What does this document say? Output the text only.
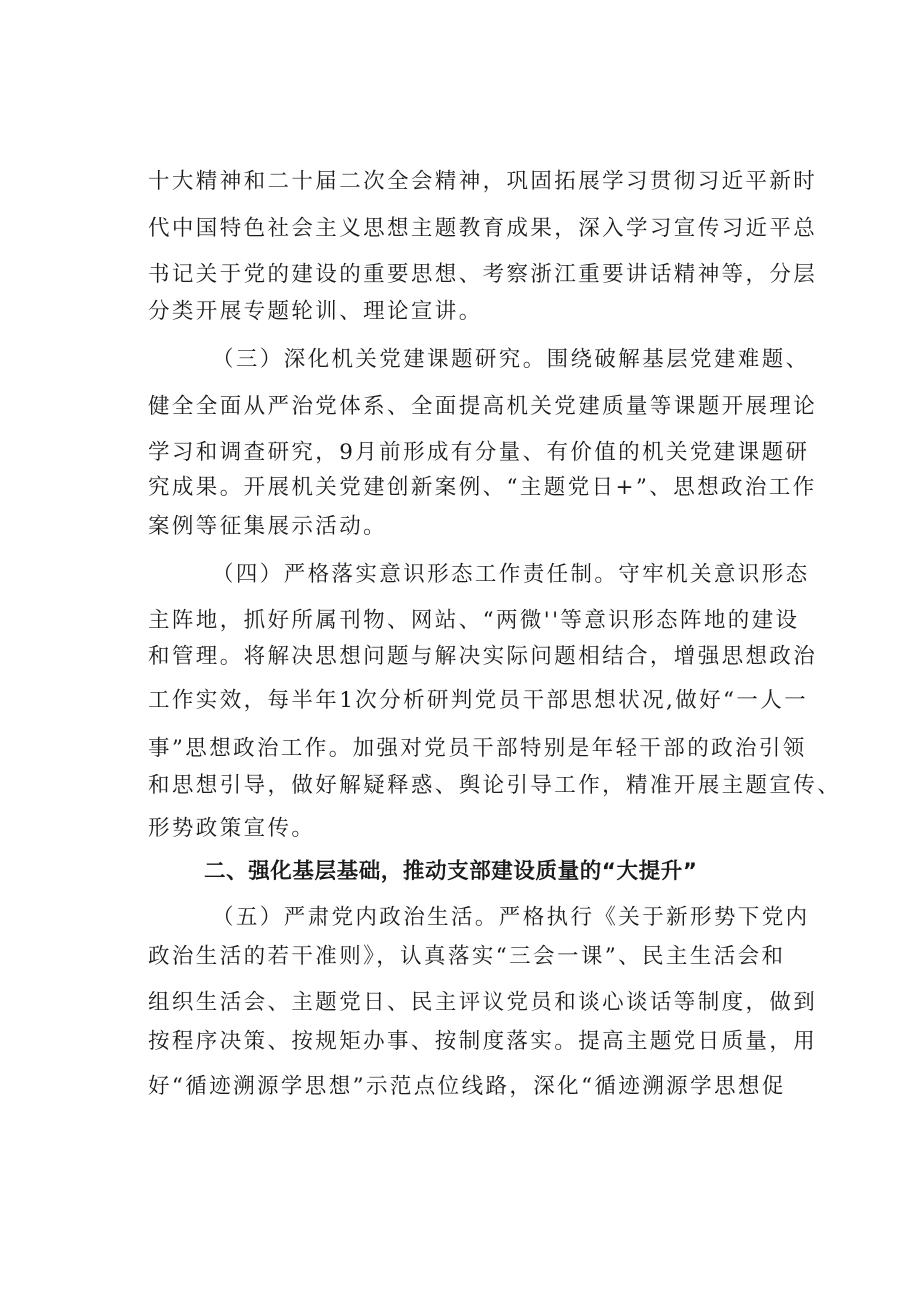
十大精神和二十届二次全会精神，巩固拓展学习贯彻习近平新时
代中国特色社会主义思想主题教育成果，深入学习宣传习近平总
书记关于党的建设的重要思想、考察浙江重要讲话精神等，分层
分类开展专题轮训、理论宣讲。
（三）深化机关党建课题研究。围绕破解基层党建难题、
健全全面从严治党体系、全面提高机关党建质量等课题开展理论
学习和调查研究，9月前形成有分量、有价值的机关党建课题研
究成果。开展机关党建创新案例、“主题党日+”、思想政治工作
案例等征集展示活动。
（四）严格落实意识形态工作责任制。守牢机关意识形态
主阵地，抓好所属刊物、网站、“两微''等意识形态阵地的建设
和管理。将解决思想问题与解决实际问题相结合，增强思想政治
工作实效，每半年1次分析研判党员干部思想状况,做好“一人一
事”思想政治工作。加强对党员干部特别是年轻干部的政治引领
和思想引导，做好解疑释惑、舆论引导工作，精准开展主题宣传、
形势政策宣传。
二、强化基层基础，推动支部建设质量的“大提升”
（五）严肃党内政治生活。严格执行《关于新形势下党内
政治生活的若干准则》，认真落实“三会一课”、民主生活会和
组织生活会、主题党日、民主评议党员和谈心谈话等制度，做到
按程序决策、按规矩办事、按制度落实。提高主题党日质量，用
好“循迹溯源学思想”示范点位线路，深化“循迹溯源学思想促
